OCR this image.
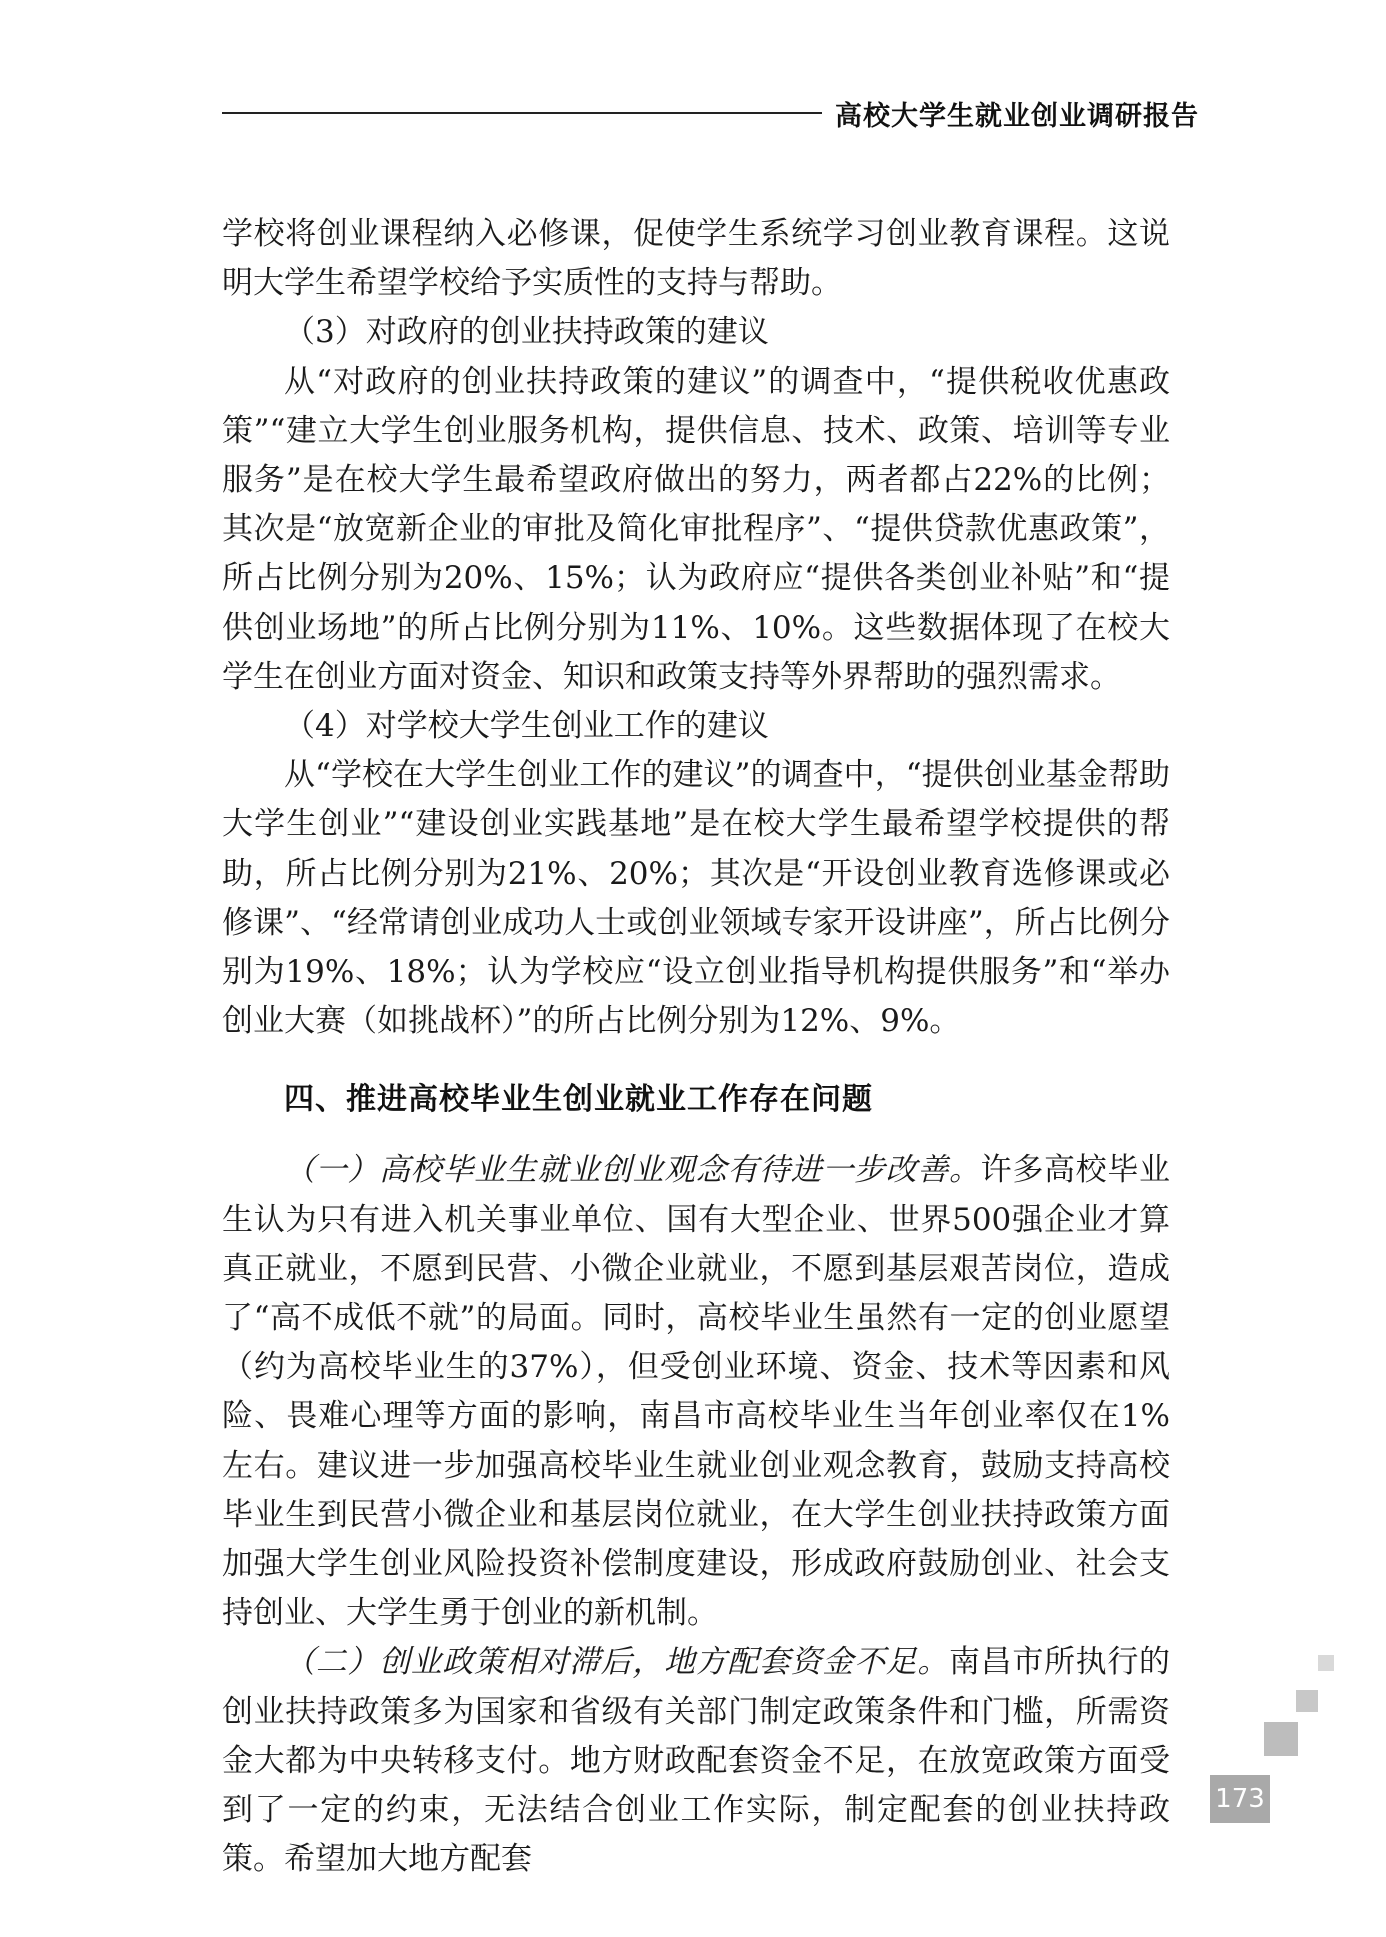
高校大学生就业创业调研报告

学校将创业课程纳入必修课，促使学生系统学习创业教育课程。这说明大学生希望学校给予实质性的支持与帮助。

（3）对政府的创业扶持政策的建议

从“对政府的创业扶持政策的建议”的调查中，“提供税收优惠政策”“建立大学生创业服务机构，提供信息、技术、政策、培训等专业服务”是在校大学生最希望政府做出的努力，两者都占22%的比例；其次是“放宽新企业的审批及简化审批程序”、“提供贷款优惠政策”，所占比例分别为20%、15%；认为政府应“提供各类创业补贴”和“提供创业场地”的所占比例分别为11%、10%。这些数据体现了在校大学生在创业方面对资金、知识和政策支持等外界帮助的强烈需求。

（4）对学校大学生创业工作的建议

从“学校在大学生创业工作的建议”的调查中，“提供创业基金帮助大学生创业”“建设创业实践基地”是在校大学生最希望学校提供的帮助，所占比例分别为21%、20%；其次是“开设创业教育选修课或必修课”、“经常请创业成功人士或创业领域专家开设讲座”，所占比例分别为19%、18%；认为学校应“设立创业指导机构提供服务”和“举办创业大赛（如挑战杯）”的所占比例分别为12%、9%。

四、推进高校毕业生创业就业工作存在问题

（一）高校毕业生就业创业观念有待进一步改善。许多高校毕业生认为只有进入机关事业单位、国有大型企业、世界500强企业才算真正就业，不愿到民营、小微企业就业，不愿到基层艰苦岗位，造成了“高不成低不就”的局面。同时，高校毕业生虽然有一定的创业愿望（约为高校毕业生的37%），但受创业环境、资金、技术等因素和风险、畏难心理等方面的影响，南昌市高校毕业生当年创业率仅在1%左右。建议进一步加强高校毕业生就业创业观念教育，鼓励支持高校毕业生到民营小微企业和基层岗位就业，在大学生创业扶持政策方面加强大学生创业风险投资补偿制度建设，形成政府鼓励创业、社会支持创业、大学生勇于创业的新机制。

（二）创业政策相对滞后，地方配套资金不足。南昌市所执行的创业扶持政策多为国家和省级有关部门制定政策条件和门槛，所需资金大都为中央转移支付。地方财政配套资金不足，在放宽政策方面受到了一定的约束，无法结合创业工作实际，制定配套的创业扶持政策。希望加大地方配套

173
